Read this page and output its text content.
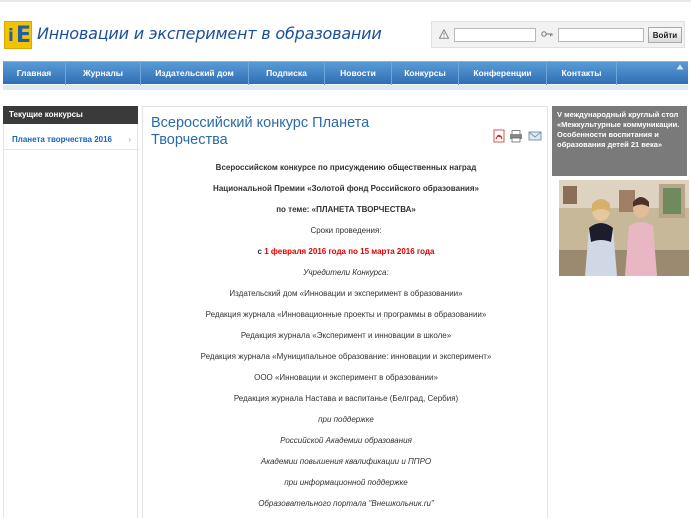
i E Инновации и эксперимент в образовании	Войти
Главная	Журналы	Издательский дом	Подписка	Новости	Конкурсы	Конференции	Контакты
Текущие конкурсы
Планета творчества 2016 ›
Всероссийский конкурс Планета Творчества
Всероссийском конкурсе по присуждению общественных наград
Национальной Премии «Золотой фонд Российского образования»
по теме: «ПЛАНЕТА ТВОРЧЕСТВА»
Сроки проведения:
с 1 февраля 2016 года по 15 марта 2016 года
Учредители Конкурса:
Издательский дом «Инновации и эксперимент в образовании»
Редакция журнала «Инновационные проекты и программы в образовании»
Редакция журнала «Эксперимент и инновации в школе»
Редакция журнала «Муниципальное образование: инновации и эксперимент»
ООО «Инновации и эксперимент в образовании»
Редакция журнала Настава и васпитанье (Белград, Сербия)
при поддержке
Российской Академии образования
Академии повышения квалификации и ППРО
при информационной поддержке
Образовательного портала "Внешкольник.ru"
V международный круглый стол «Межкультурные коммуникации. Особенности воспитания и образования детей 21 века»
